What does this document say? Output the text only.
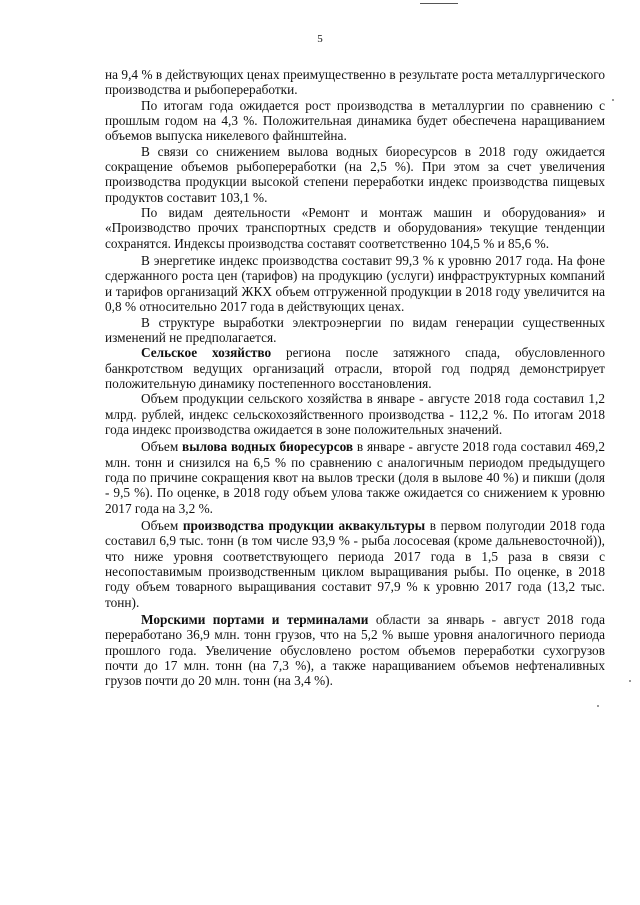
5

на 9,4 % в действующих ценах преимущественно в результате роста металлургического производства и рыбопереработки.

По итогам года ожидается рост производства в металлургии по сравнению с прошлым годом на 4,3 %. Положительная динамика будет обеспечена наращиванием объемов выпуска никелевого файнштейна.

В связи со снижением вылова водных биоресурсов в 2018 году ожидается сокращение объемов рыбопереработки (на 2,5 %). При этом за счет увеличения производства продукции высокой степени переработки индекс производства пищевых продуктов составит 103,1 %.

По видам деятельности «Ремонт и монтаж машин и оборудования» и «Производство прочих транспортных средств и оборудования» текущие тенденции сохранятся. Индексы производства составят соответственно 104,5 % и 85,6 %.

В энергетике индекс производства составит 99,3 % к уровню 2017 года. На фоне сдержанного роста цен (тарифов) на продукцию (услуги) инфраструктурных компаний и тарифов организаций ЖКХ объем отгруженной продукции в 2018 году увеличится на 0,8 % относительно 2017 года в действующих ценах.

В структуре выработки электроэнергии по видам генерации существенных изменений не предполагается.

Сельское хозяйство региона после затяжного спада, обусловленного банкротством ведущих организаций отрасли, второй год подряд демонстрирует положительную динамику постепенного восстановления.

Объем продукции сельского хозяйства в январе - августе 2018 года составил 1,2 млрд. рублей, индекс сельскохозяйственного производства - 112,2 %. По итогам 2018 года индекс производства ожидается в зоне положительных значений.

Объем вылова водных биоресурсов в январе - августе 2018 года составил 469,2 млн. тонн и снизился на 6,5 % по сравнению с аналогичным периодом предыдущего года по причине сокращения квот на вылов трески (доля в вылове 40 %) и пикши (доля - 9,5 %). По оценке, в 2018 году объем улова также ожидается со снижением к уровню 2017 года на 3,2 %.

Объем производства продукции аквакультуры в первом полугодии 2018 года составил 6,9 тыс. тонн (в том числе 93,9 % - рыба лососевая (кроме дальневосточной)), что ниже уровня соответствующего периода 2017 года в 1,5 раза в связи с несопоставимым производственным циклом выращивания рыбы. По оценке, в 2018 году объем товарного выращивания составит 97,9 % к уровню 2017 года (13,2 тыс. тонн).

Морскими портами и терминалами области за январь - август 2018 года переработано 36,9 млн. тонн грузов, что на 5,2 % выше уровня аналогичного периода прошлого года. Увеличение обусловлено ростом объемов переработки сухогрузов почти до 17 млн. тонн (на 7,3 %), а также наращиванием объемов нефтеналивных грузов почти до 20 млн. тонн (на 3,4 %).
